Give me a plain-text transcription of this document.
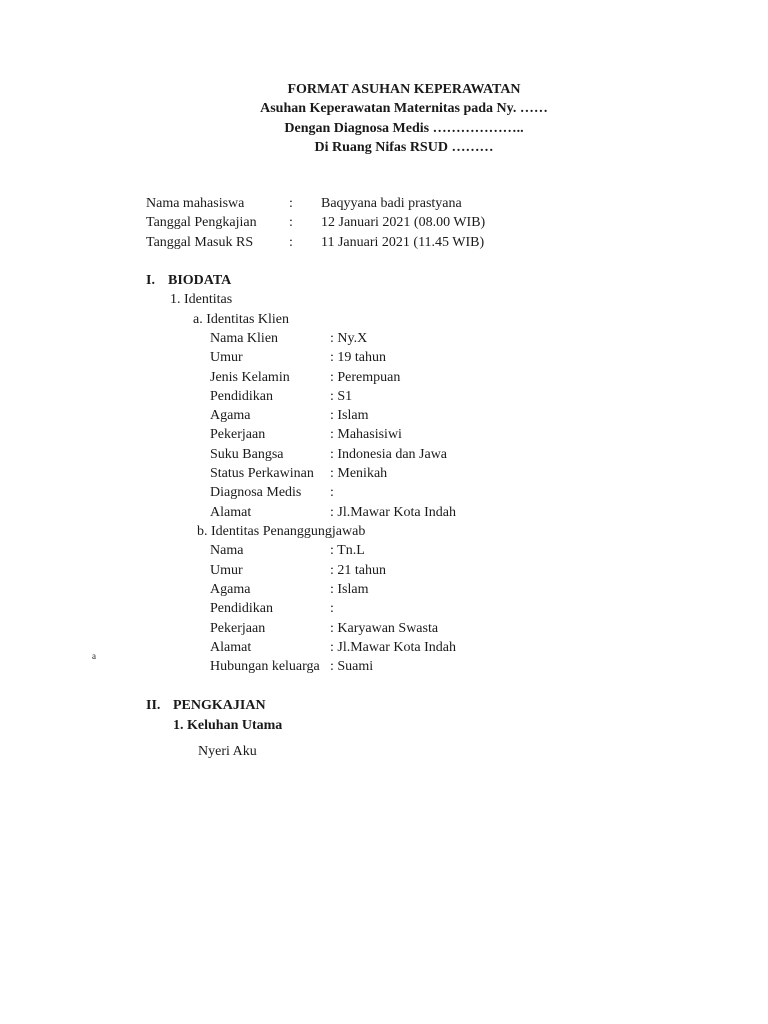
FORMAT ASUHAN KEPERAWATAN
Asuhan Keperawatan Maternitas pada Ny. ……
Dengan Diagnosa Medis ………………..
Di Ruang Nifas RSUD ………
Nama mahasiswa	: Baqyyana badi prastyana
Tanggal Pengkajian : 12 Januari 2021 (08.00 WIB)
Tanggal Masuk RS	: 11 Januari 2021 (11.45 WIB)
I. BIODATA
1. Identitas
a. Identitas Klien
Nama Klien	: Ny.X
Umur	: 19 tahun
Jenis Kelamin	: Perempuan
Pendidikan	: S1
Agama	: Islam
Pekerjaan	: Mahasisiwi
Suku Bangsa	: Indonesia dan Jawa
Status Perkawinan : Menikah
Diagnosa Medis :
Alamat	: Jl.Mawar Kota Indah
b. Identitas Penanggungjawab
Nama	: Tn.L
Umur	: 21 tahun
Agama	: Islam
Pendidikan	:
Pekerjaan	: Karyawan Swasta
Alamat	: Jl.Mawar Kota Indah
Hubungan keluarga : Suami
a
II. PENGKAJIAN
1. Keluhan Utama
Nyeri Aku
